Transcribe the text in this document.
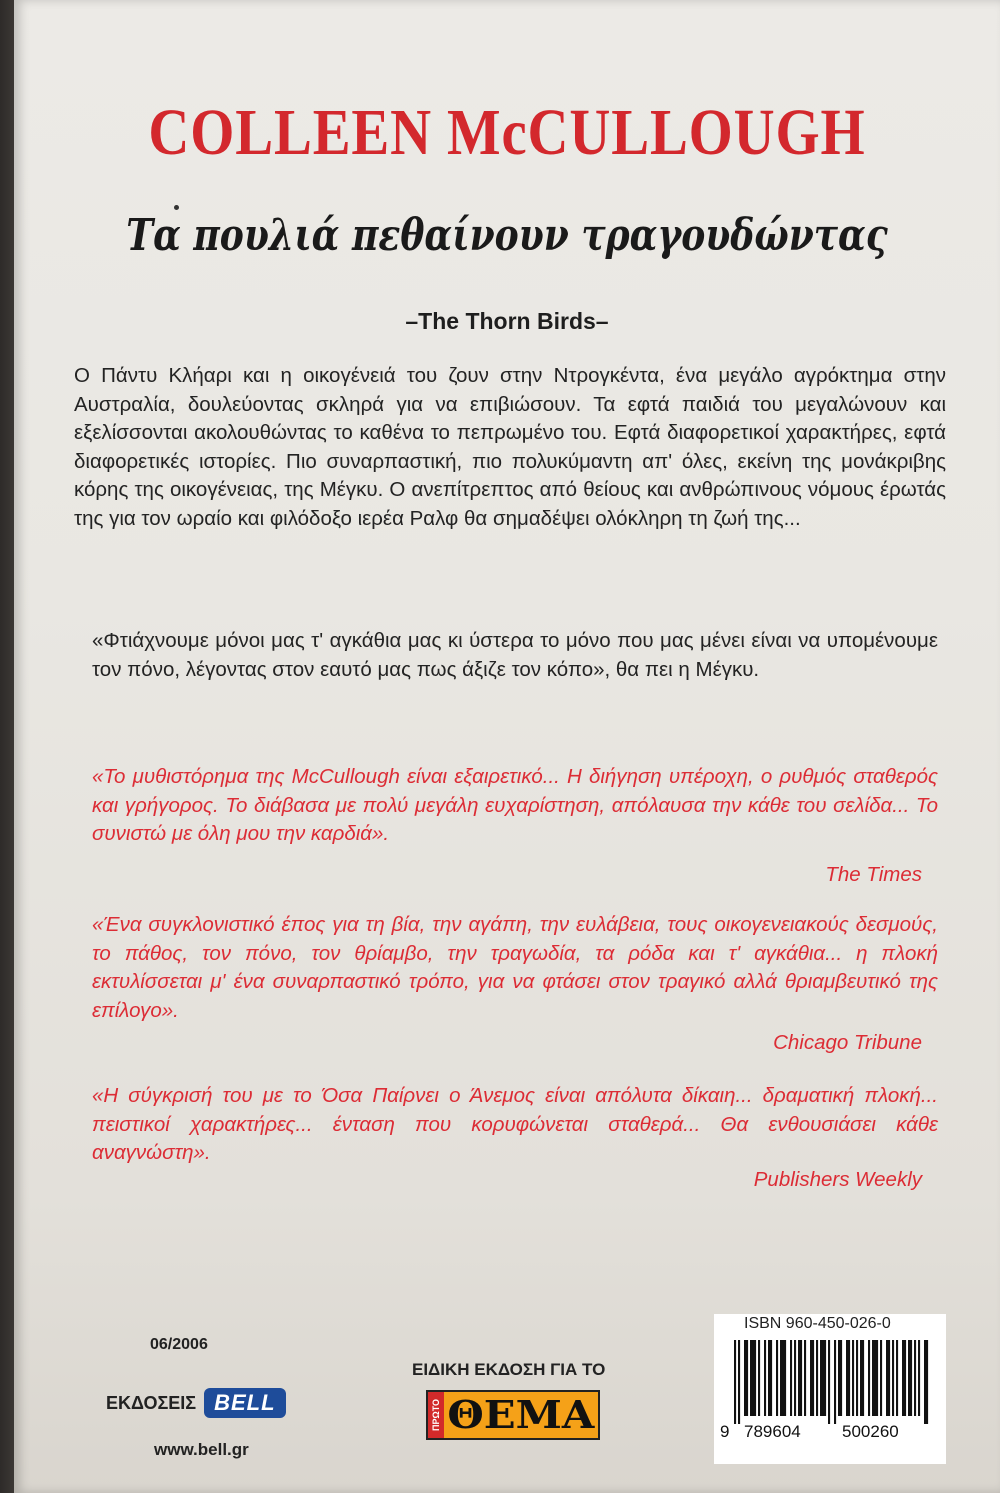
COLLEEN McCULLOUGH
Τα πουλιά πεθαίνουν τραγουδώντας
–The Thorn Birds–

Ο Πάντυ Κλήαρι και η οικογένειά του ζουν στην Ντρογκέντα, ένα μεγάλο αγρόκτημα στην Αυστραλία, δουλεύοντας σκληρά για να επιβιώσουν. Τα εφτά παιδιά του μεγαλώνουν και εξελίσσονται ακολουθώντας το καθένα το πεπρωμένο του. Εφτά διαφορετικοί χαρακτήρες, εφτά διαφορετικές ιστορίες. Πιο συναρπαστική, πιο πολυκύμαντη απ' όλες, εκείνη της μονάκριβης κόρης της οικογένειας, της Μέγκυ. Ο ανεπίτρεπτος από θείους και ανθρώπινους νόμους έρωτάς της για τον ωραίο και φιλόδοξο ιερέα Ραλφ θα σημαδέψει ολόκληρη τη ζωή της...

«Φτιάχνουμε μόνοι μας τ' αγκάθια μας κι ύστερα το μόνο που μας μένει είναι να υπομένουμε τον πόνο, λέγοντας στον εαυτό μας πως άξιζε τον κόπο», θα πει η Μέγκυ.

«Το μυθιστόρημα της McCullough είναι εξαιρετικό... Η διήγηση υπέροχη, ο ρυθμός σταθερός και γρήγορος. Το διάβασα με πολύ μεγάλη ευχαρίστηση, απόλαυσα την κάθε του σελίδα... Το συνιστώ με όλη μου την καρδιά».

The Times

«Ένα συγκλονιστικό έπος για τη βία, την αγάπη, την ευλάβεια, τους οικογενειακούς δεσμούς, το πάθος, τον πόνο, τον θρίαμβο, την τραγωδία, τα ρόδα και τ' αγκάθια... η πλοκή εκτυλίσσεται μ' ένα συναρπαστικό τρόπο, για να φτάσει στον τραγικό αλλά θριαμβευτικό της επίλογο».

Chicago Tribune

«Η σύγκρισή του με το Όσα Παίρνει ο Άνεμος είναι απόλυτα δίκαιη... δραματική πλοκή... πειστικοί χαρακτήρες... ένταση που κορυφώνεται σταθερά... Θα ενθουσιάσει κάθε αναγνώστη».

Publishers Weekly

06/2006
ΕΚΔΟΣΕΙΣ BELL
www.bell.gr
ΕΙΔΙΚΗ ΕΚΔΟΣΗ ΓΙΑ ΤΟ
ΠΡΩΤΟ ΘΕΜΑ
ISBN 960-450-026-0
9 789604 500260
